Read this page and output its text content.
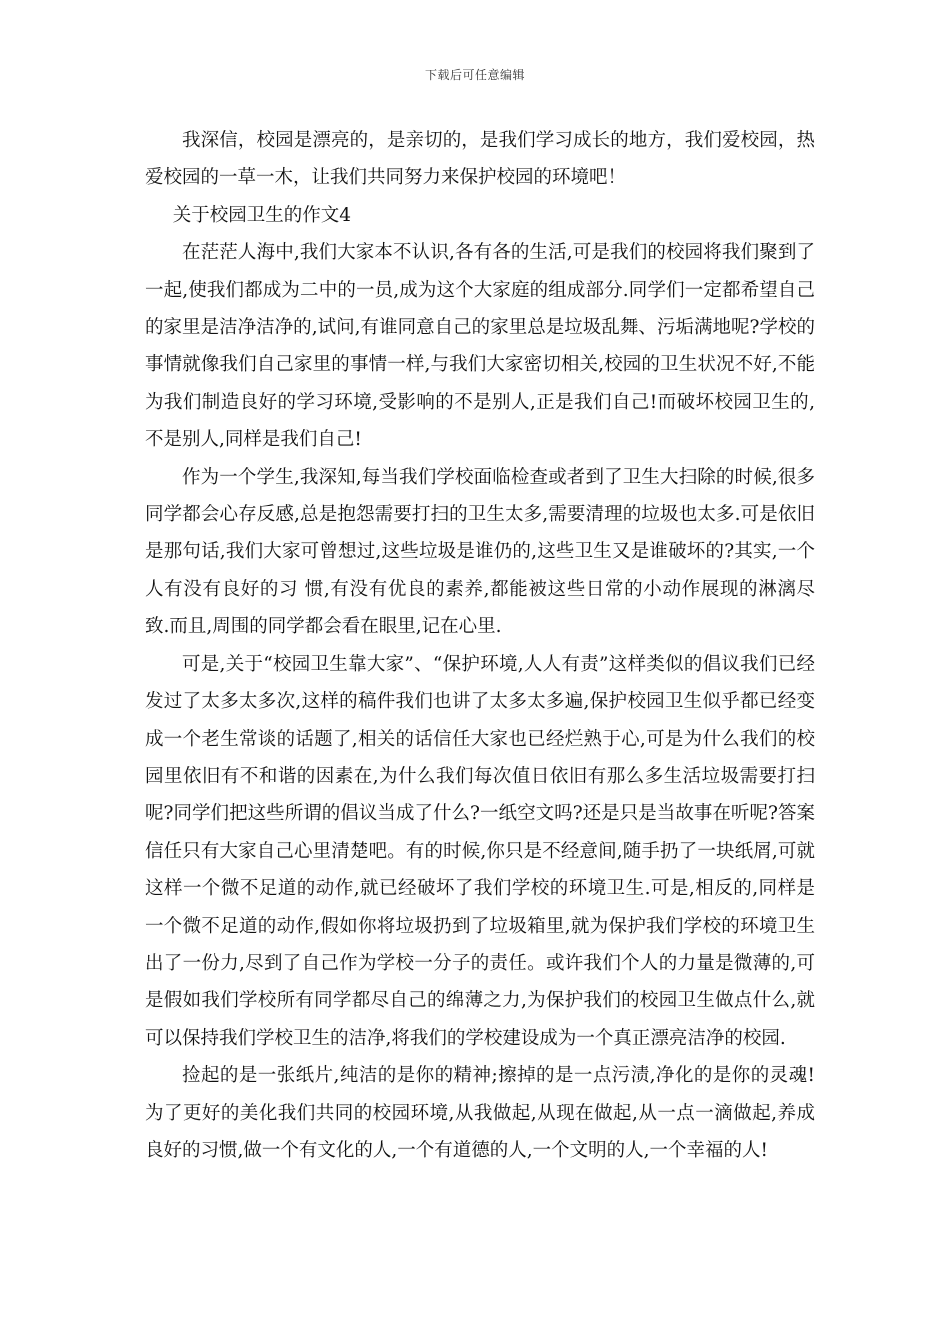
下载后可任意编辑

我深信，校园是漂亮的，是亲切的，是我们学习成长的地方，我们爱校园，热爱校园的一草一木，让我们共同努力来保护校园的环境吧！

关于校园卫生的作文4

在茫茫人海中,我们大家本不认识,各有各的生活,可是我们的校园将我们聚到了一起,使我们都成为二中的一员,成为这个大家庭的组成部分.同学们一定都希望自己的家里是洁净洁净的,试问,有谁同意自己的家里总是垃圾乱舞、污垢满地呢?学校的事情就像我们自己家里的事情一样,与我们大家密切相关,校园的卫生状况不好,不能为我们制造良好的学习环境,受影响的不是别人,正是我们自己!而破坏校园卫生的,不是别人,同样是我们自己!

作为一个学生,我深知,每当我们学校面临检查或者到了卫生大扫除的时候,很多同学都会心存反感,总是抱怨需要打扫的卫生太多,需要清理的垃圾也太多.可是依旧是那句话,我们大家可曾想过,这些垃圾是谁仍的,这些卫生又是谁破坏的?其实,一个人有没有良好的习 惯,有没有优良的素养,都能被这些日常的小动作展现的淋漓尽致.而且,周围的同学都会看在眼里,记在心里.

可是,关于“校园卫生靠大家”、“保护环境,人人有责”这样类似的倡议我们已经发过了太多太多次,这样的稿件我们也讲了太多太多遍,保护校园卫生似乎都已经变成一个老生常谈的话题了,相关的话信任大家也已经烂熟于心,可是为什么我们的校园里依旧有不和谐的因素在,为什么我们每次值日依旧有那么多生活垃圾需要打扫呢?同学们把这些所谓的倡议当成了什么?一纸空文吗?还是只是当故事在听呢?答案信任只有大家自己心里清楚吧。有的时候,你只是不经意间,随手扔了一块纸屑,可就这样一个微不足道的动作,就已经破坏了我们学校的环境卫生.可是,相反的,同样是一个微不足道的动作,假如你将垃圾扔到了垃圾箱里,就为保护我们学校的环境卫生出了一份力,尽到了自己作为学校一分子的责任。或许我们个人的力量是微薄的,可是假如我们学校所有同学都尽自己的绵薄之力,为保护我们的校园卫生做点什么,就可以保持我们学校卫生的洁净,将我们的学校建设成为一个真正漂亮洁净的校园.

捡起的是一张纸片,纯洁的是你的精神;擦掉的是一点污渍,净化的是你的灵魂!为了更好的美化我们共同的校园环境,从我做起,从现在做起,从一点一滴做起,养成良好的习惯,做一个有文化的人,一个有道德的人,一个文明的人,一个幸福的人!
